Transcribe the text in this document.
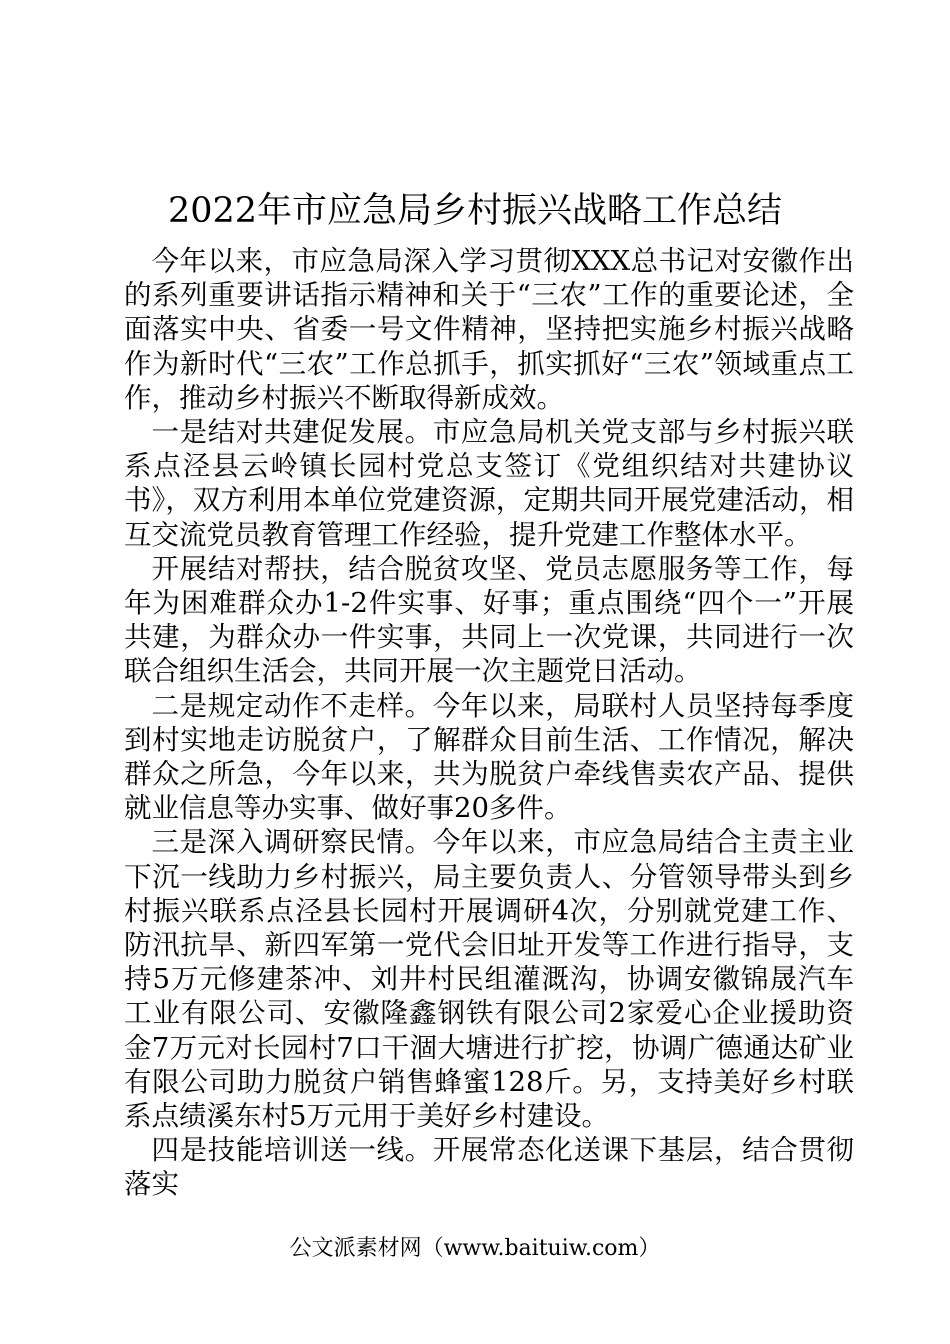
2022年市应急局乡村振兴战略工作总结

今年以来，市应急局深入学习贯彻XXX总书记对安徽作出的系列重要讲话指示精神和关于“三农”工作的重要论述，全面落实中央、省委一号文件精神，坚持把实施乡村振兴战略作为新时代“三农”工作总抓手，抓实抓好“三农”领域重点工作，推动乡村振兴不断取得新成效。

一是结对共建促发展。市应急局机关党支部与乡村振兴联系点泾县云岭镇长园村党总支签订《党组织结对共建协议书》，双方利用本单位党建资源，定期共同开展党建活动，相互交流党员教育管理工作经验，提升党建工作整体水平。

开展结对帮扶，结合脱贫攻坚、党员志愿服务等工作，每年为困难群众办1-2件实事、好事；重点围绕“四个一”开展共建，为群众办一件实事，共同上一次党课，共同进行一次联合组织生活会，共同开展一次主题党日活动。

二是规定动作不走样。今年以来，局联村人员坚持每季度到村实地走访脱贫户，了解群众目前生活、工作情况，解决群众之所急，今年以来，共为脱贫户牵线售卖农产品、提供就业信息等办实事、做好事20多件。

三是深入调研察民情。今年以来，市应急局结合主责主业下沉一线助力乡村振兴，局主要负责人、分管领导带头到乡村振兴联系点泾县长园村开展调研4次，分别就党建工作、防汛抗旱、新四军第一党代会旧址开发等工作进行指导，支持5万元修建茶冲、刘井村民组灌溉沟，协调安徽锦晟汽车工业有限公司、安徽隆鑫钢铁有限公司2家爱心企业援助资金7万元对长园村7口干涸大塘进行扩挖，协调广德通达矿业有限公司助力脱贫户销售蜂蜜128斤。另，支持美好乡村联系点绩溪东村5万元用于美好乡村建设。

四是技能培训送一线。开展常态化送课下基层，结合贯彻落实

公文派素材网（www.baituiw.com）
